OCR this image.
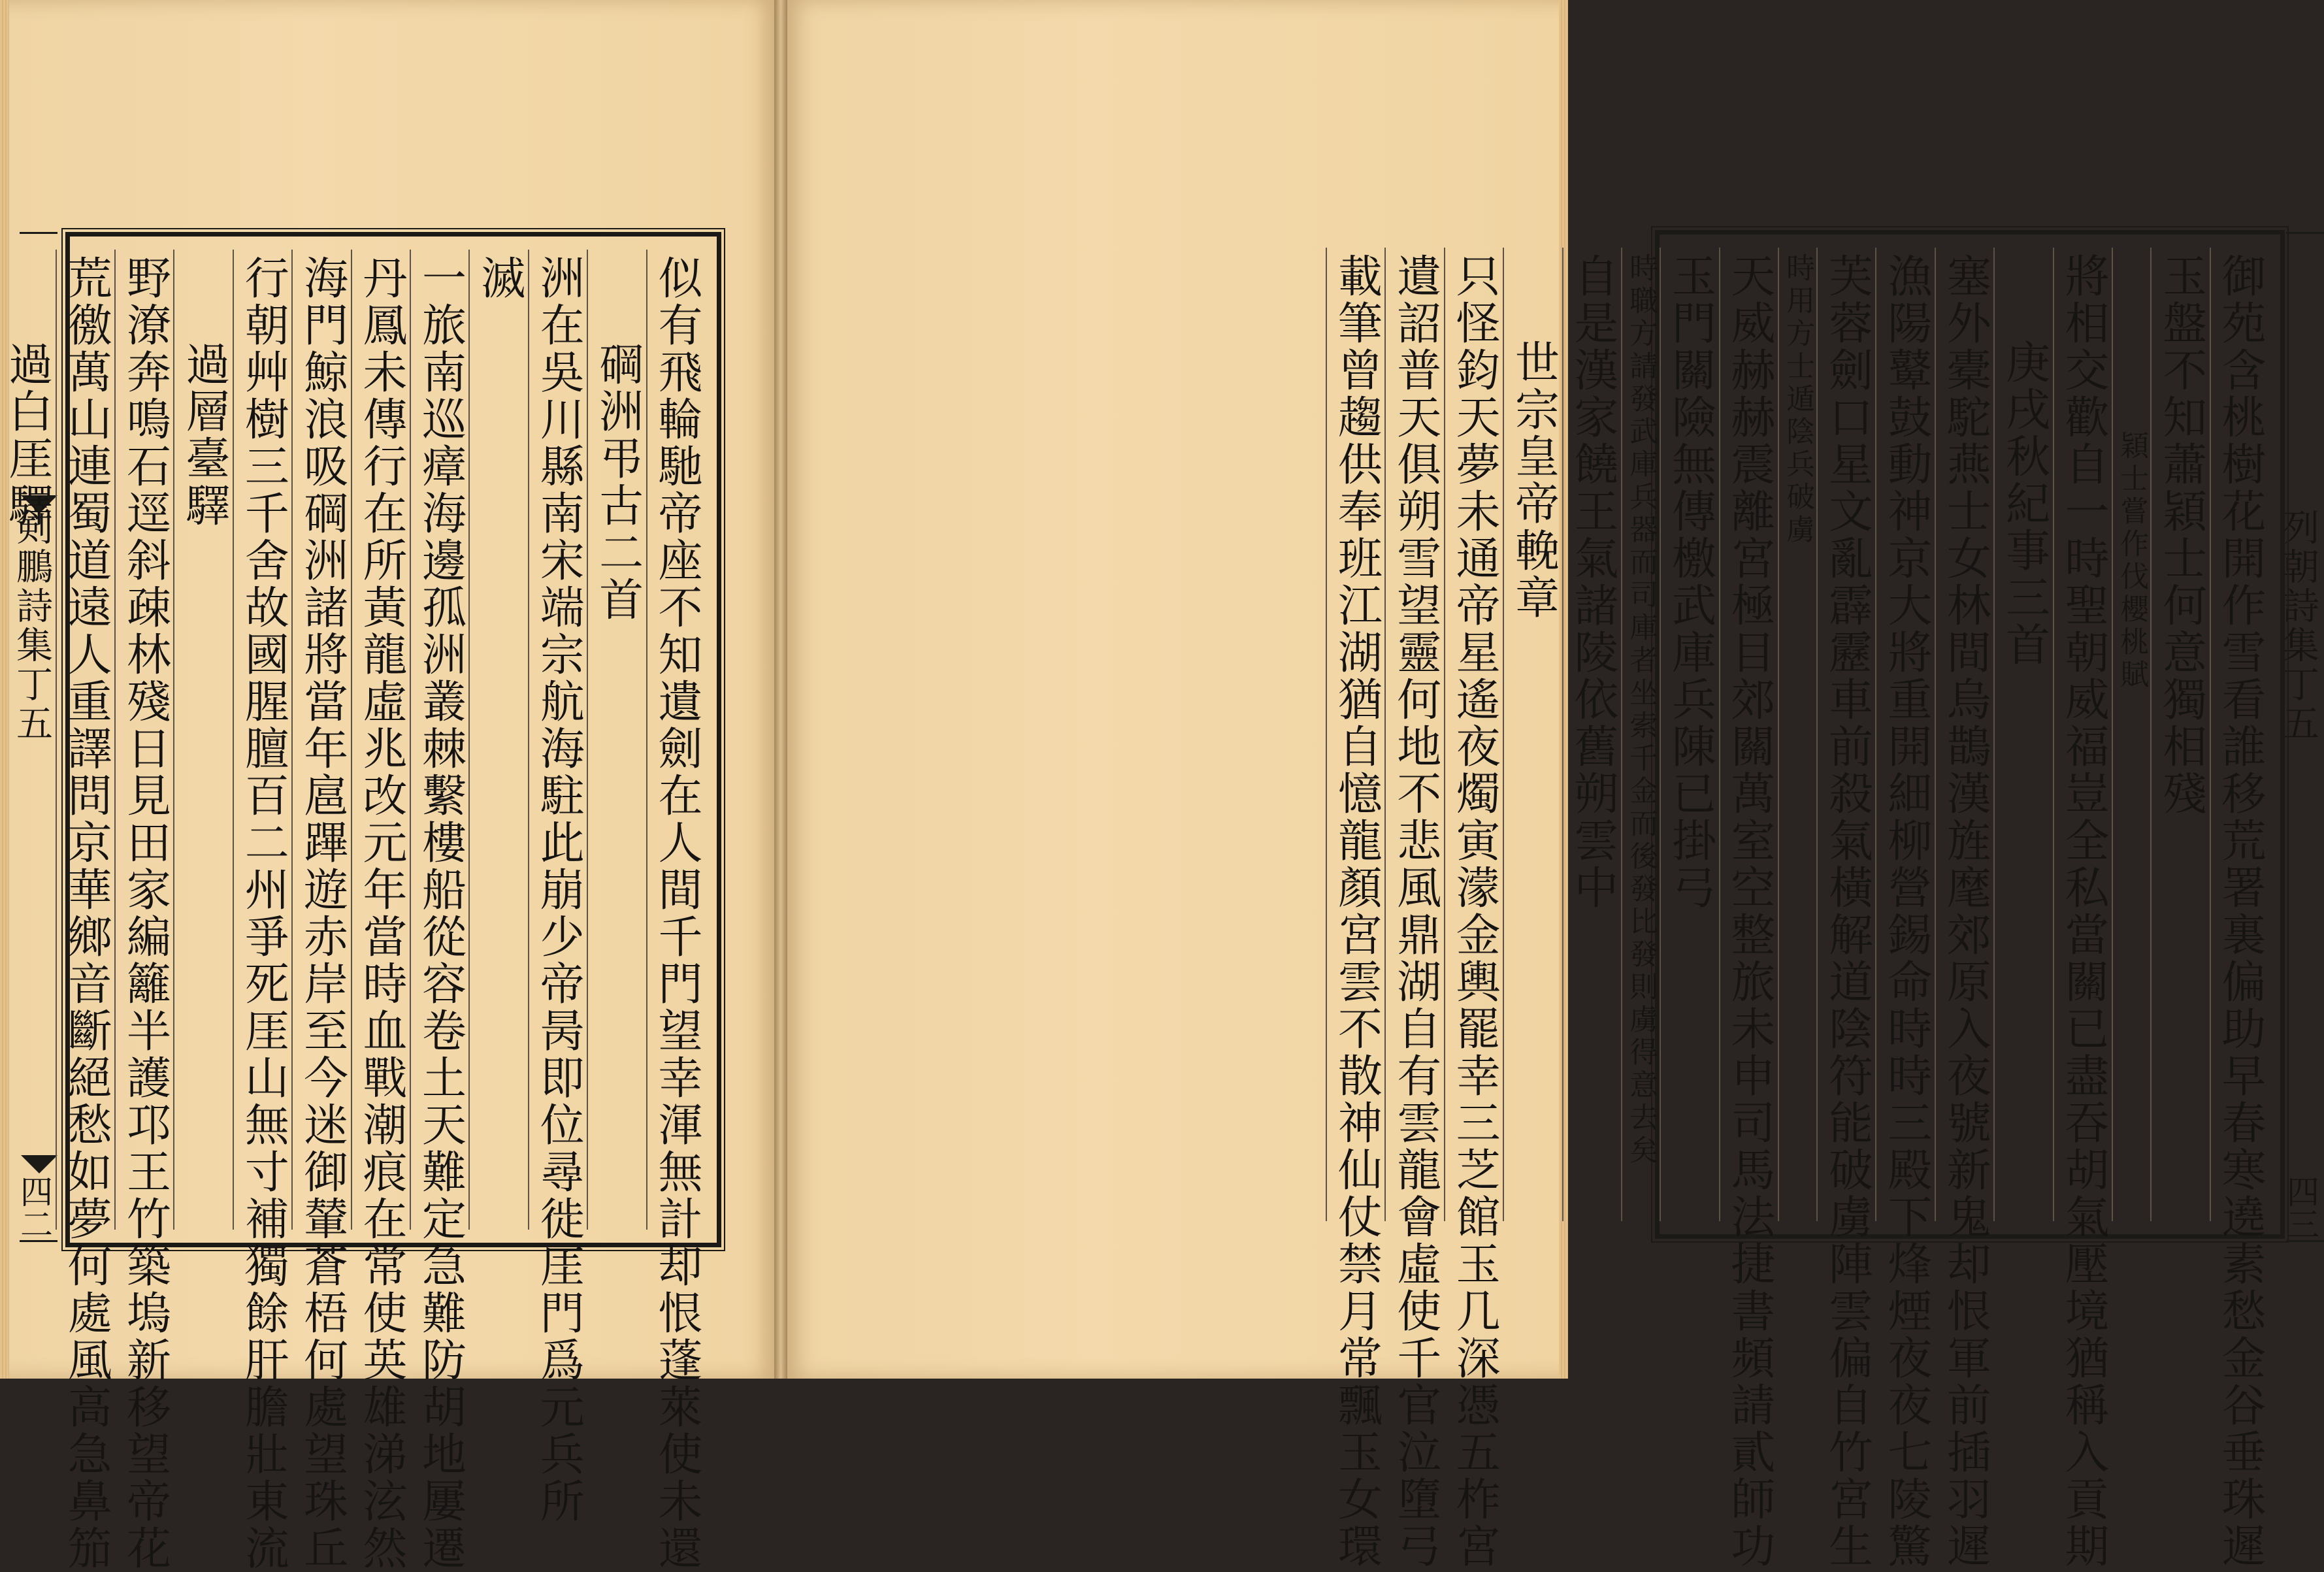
剣鵬詩集丁五
四二	似有飛輪馳帝座不知遺劍在人間千門望幸渾無計却恨蓬萊使未還
碙洲弔古二首
洲在吳川縣南宋端宗航海駐此崩少帝昺即位尋徙厓門爲元兵所
滅
一旅南巡瘴海邊孤洲叢棘繫樓船從容卷土天難定急難防胡地屢遷
丹鳳未傳行在所黃龍虛兆改元年當時血戰潮痕在常使英雄涕泫然
海門鯨浪吸碙洲諸將當年扈蹕遊赤岸至今迷御輦蒼梧何處望珠丘
行朝艸樹三千舍故國腥膻百二州爭死厓山無寸補獨餘肝膽壯東流
過層臺驛
野潦奔鳴石逕斜疎林殘日見田家編籬半護邛王竹築塢新移望帝花
荒徼萬山連蜀道遠人重譯問京華鄉音斷絕愁如夢何處風高急鼻笳
過白厓驛
列朝詩集丁五
四三
御苑含桃樹花開作雪看誰移荒署裏偏助早春寒遶素愁金谷垂珠遲
玉盤不知蕭穎士何意獨相殘
穎士嘗作伐櫻桃賦
將相交歡自一時聖朝威福豈全私當關已盡吞胡氣壓境猶稱入貢期
庚戌秋紀事三首
塞外橐駝燕士女林間烏鵲漢旌麾郊原入夜號新鬼却恨軍前插羽遲
漁陽鼙鼓動神京大將重開細柳營錫命時時三殿下烽煙夜夜七陵驚
芙蓉劍口星文亂霹靂車前殺氣橫解道陰符能破虜陣雲偏自竹宮生
時用方士遁陰兵破虜
天威赫赫震離宮極目郊關萬室空整旅未申司馬法捷書頻請貳師功
玉門關險無傳檄武庫兵陳已掛弓
時職方請發武庫兵器而司庫者坐索千金而後發比發則虜得意去矣
自是漢家饒王氣諸陵依舊朔雲中
世宗皇帝輓章
只怪鈞天夢未通帝星遙夜燭寅濛金輿罷幸三芝館玉几深憑五柞宮
遺詔普天俱朔雪望靈何地不悲風鼎湖自有雲龍會虛使千官泣墮弓
載筆曾趨供奉班江湖猶自憶龍顏宮雲不散神仙仗禁月常飄玉女環
